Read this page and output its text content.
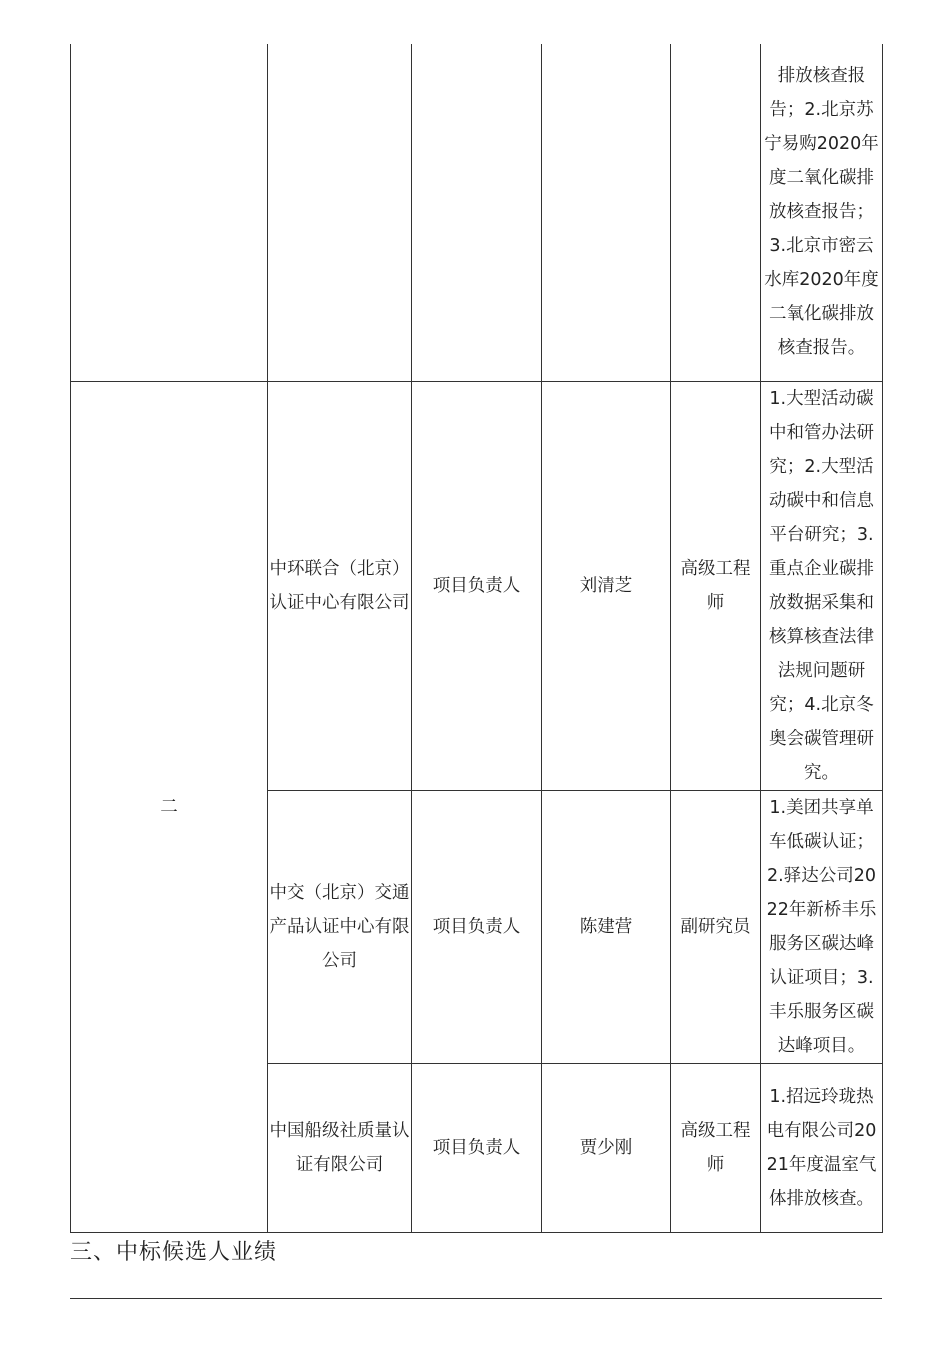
					排放核查报告；2.北京苏宁易购2020年度二氧化碳排放核查报告；3.北京市密云水库2020年度二氧化碳排放核查报告。

二	中环联合（北京）认证中心有限公司	项目负责人	刘清芝	高级工程师	1.大型活动碳中和管办法研究；2.大型活动碳中和信息平台研究；3.重点企业碳排放数据采集和核算核查法律法规问题研究；4.北京冬奥会碳管理研究。

	中交（北京）交通产品认证中心有限公司	项目负责人	陈建营	副研究员	1.美团共享单车低碳认证；2.驿达公司2022年新桥丰乐服务区碳达峰认证项目；3.丰乐服务区碳达峰项目。

	中国船级社质量认证有限公司	项目负责人	贾少刚	高级工程师	1.招远玲珑热电有限公司2021年度温室气体排放核查。
三、中标候选人业绩
